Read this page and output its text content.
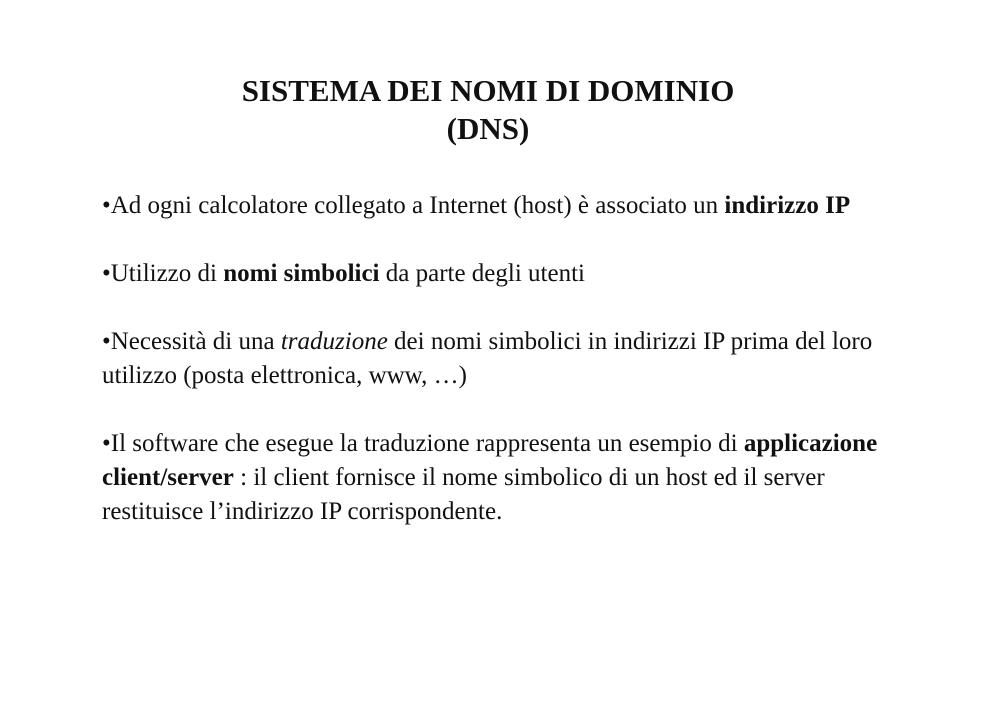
SISTEMA DEI NOMI DI DOMINIO
(DNS)

•Ad ogni calcolatore collegato a Internet (host) è associato un indirizzo IP

•Utilizzo di nomi simbolici da parte degli utenti

•Necessità di una traduzione dei nomi simbolici in indirizzi IP prima del loro utilizzo (posta elettronica, www, …)

•Il software che esegue la traduzione rappresenta un esempio di applicazione client/server : il client fornisce il nome simbolico di un host ed il server restituisce l’indirizzo IP corrispondente.
